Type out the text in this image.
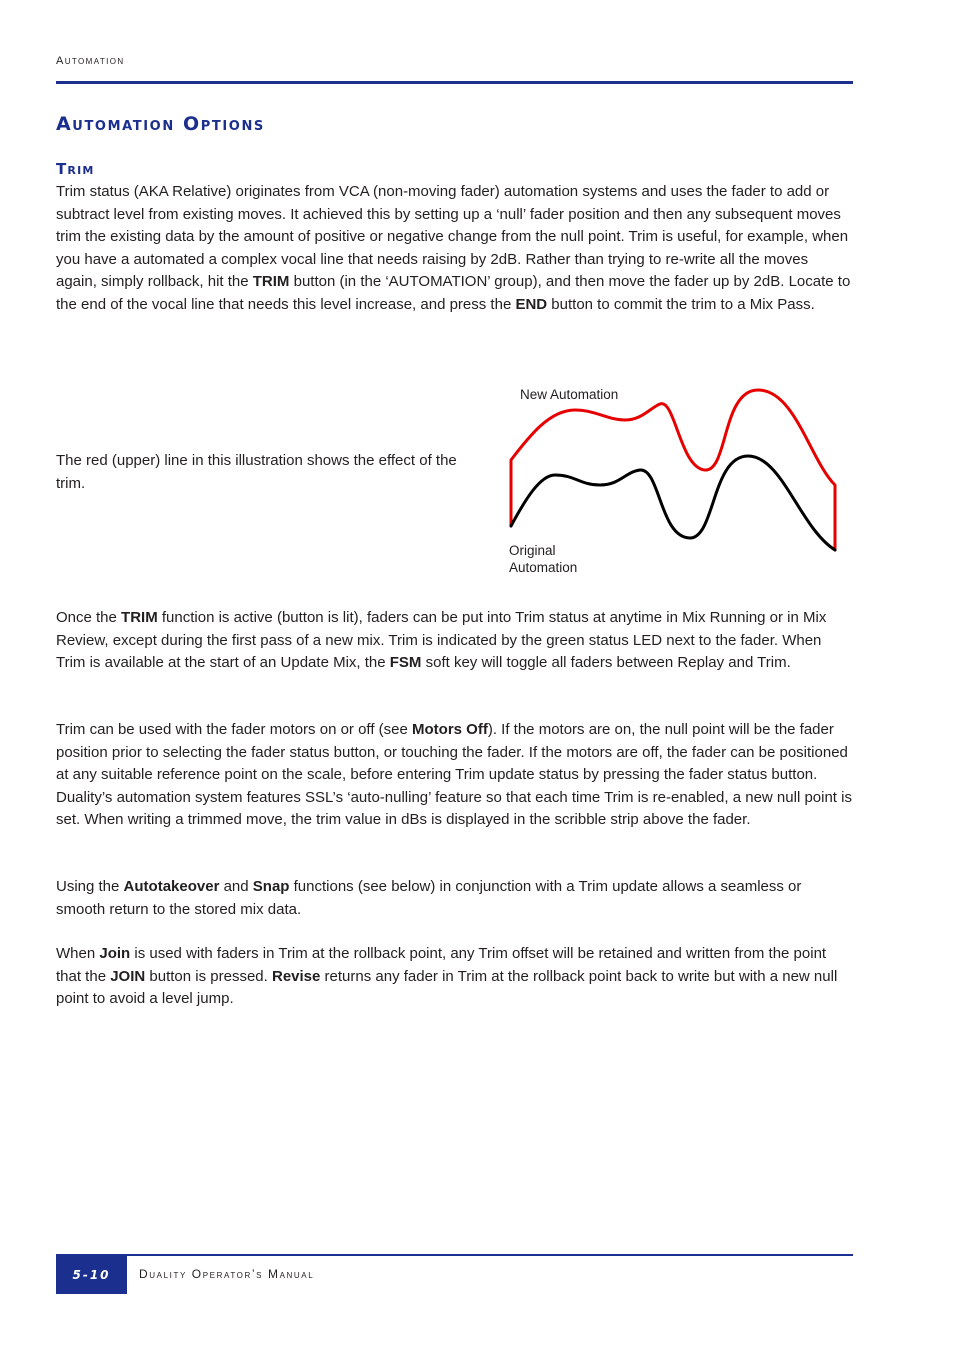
Automation
Automation Options
Trim

Trim status (AKA Relative) originates from VCA (non-moving fader) automation systems and uses the fader to add or subtract level from existing moves. It achieved this by setting up a ‘null’ fader position and then any subsequent moves trim the existing data by the amount of positive or negative change from the null point. Trim is useful, for example, when you have a automated a complex vocal line that needs raising by 2dB. Rather than trying to re-write all the moves again, simply rollback, hit the TRIM button (in the ‘AUTOMATION’ group), and then move the fader up by 2dB. Locate to the end of the vocal line that needs this level increase, and press the END button to commit the trim to a Mix Pass.

The red (upper) line in this illustration shows the effect of the trim.

New Automation
Original
Automation

Once the TRIM function is active (button is lit), faders can be put into Trim status at anytime in Mix Running or in Mix Review, except during the first pass of a new mix. Trim is indicated by the green status LED next to the fader. When Trim is available at the start of an Update Mix, the FSM soft key will toggle all faders between Replay and Trim.

Trim can be used with the fader motors on or off (see Motors Off). If the motors are on, the null point will be the fader position prior to selecting the fader status button, or touching the fader. If the motors are off, the fader can be positioned at any suitable reference point on the scale, before entering Trim update status by pressing the fader status button. Duality’s automation system features SSL’s ‘auto-nulling’ feature so that each time Trim is re-enabled, a new null point is set. When writing a trimmed move, the trim value in dBs is displayed in the scribble strip above the fader.

Using the Autotakeover and Snap functions (see below) in conjunction with a Trim update allows a seamless or smooth return to the stored mix data.

When Join is used with faders in Trim at the rollback point, any Trim offset will be retained and written from the point that the JOIN button is pressed. Revise returns any fader in Trim at the rollback point back to write but with a new null point to avoid a level jump.

5-10	Duality Operator’s Manual
